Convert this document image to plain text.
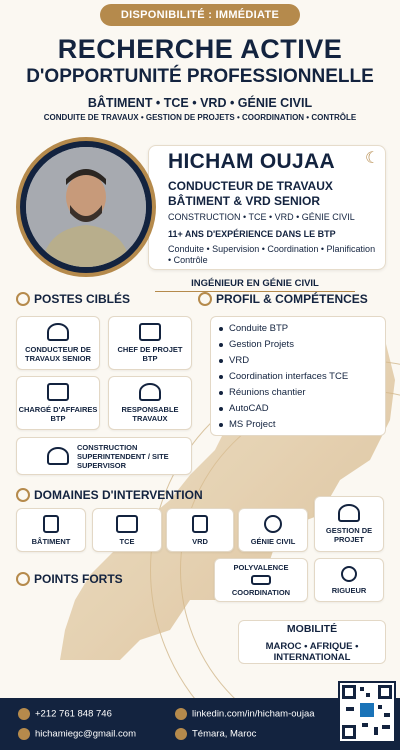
DISPONIBILITÉ : IMMÉDIATE
RECHERCHE ACTIVE
D'OPPORTUNITÉ PROFESSIONNELLE
BÂTIMENT • TCE • VRD • GÉNIE CIVIL
CONDUITE DE TRAVAUX • GESTION DE PROJETS • COORDINATION • CONTRÔLE
☾
HICHAM OUJAA
CONDUCTEUR DE TRAVAUX
BÂTIMENT & VRD SENIOR
CONSTRUCTION • TCE • VRD • GÉNIE CIVIL
11+ ANS D'EXPÉRIENCE DANS LE BTP
Conduite • Supervision • Coordination • Planification • Contrôle
INGÉNIEUR EN GÉNIE CIVIL
POSTES CIBLÉS	PROFIL & COMPÉTENCES
CONDUCTEUR DE TRAVAUX SENIOR
CHEF DE PROJET BTP
CHARGÉ D'AFFAIRES BTP
RESPONSABLE TRAVAUX
CONSTRUCTION SUPERINTENDENT / SITE SUPERVISOR
Conduite BTP
Gestion Projets
VRD
Coordination interfaces TCE
Réunions chantier
AutoCAD
MS Project
DOMAINES D'INTERVENTION
BÂTIMENT	TCE	VRD	GÉNIE CIVIL
GESTION DE PROJET
POINTS FORTS
POLYVALENCE
COORDINATION	RIGUEUR
MOBILITÉ
MAROC • AFRIQUE • INTERNATIONAL
+212 761 848 746
hichamiegc@gmail.com
linkedin.com/in/hicham-oujaa
Témara, Maroc
